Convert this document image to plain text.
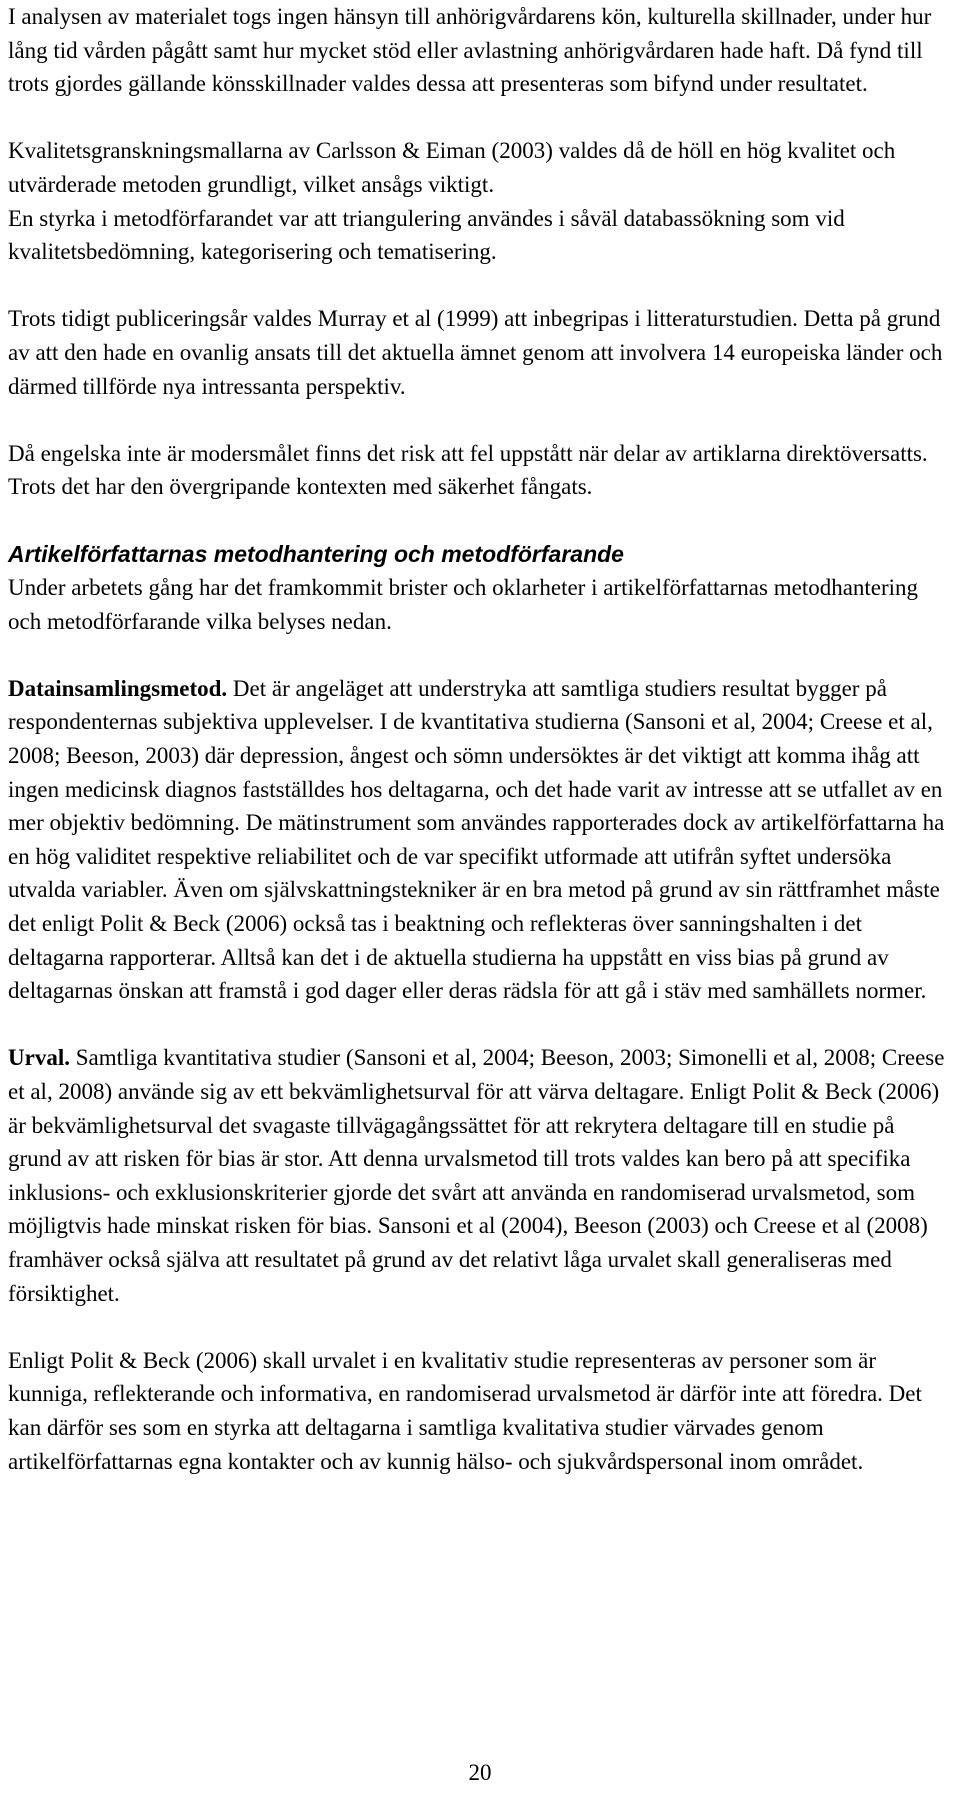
I analysen av materialet togs ingen hänsyn till anhörigvårdarens kön, kulturella skillnader, under hur lång tid vården pågått samt hur mycket stöd eller avlastning anhörigvårdaren hade haft. Då fynd till trots gjordes gällande könsskillnader valdes dessa att presenteras som bifynd under resultatet.

Kvalitetsgranskningsmallarna av Carlsson & Eiman (2003) valdes då de höll en hög kvalitet och utvärderade metoden grundligt, vilket ansågs viktigt.

En styrka i metodförfarandet var att triangulering användes i såväl databassökning som vid kvalitetsbedömning, kategorisering och tematisering.

Trots tidigt publiceringsår valdes Murray et al (1999) att inbegripas i litteraturstudien. Detta på grund av att den hade en ovanlig ansats till det aktuella ämnet genom att involvera 14 europeiska länder och därmed tillförde nya intressanta perspektiv.

Då engelska inte är modersmålet finns det risk att fel uppstått när delar av artiklarna direktöversatts. Trots det har den övergripande kontexten med säkerhet fångats.

Artikelförfattarnas metodhantering och metodförfarande

Under arbetets gång har det framkommit brister och oklarheter i artikelförfattarnas metodhantering och metodförfarande vilka belyses nedan.

Datainsamlingsmetod. Det är angeläget att understryka att samtliga studiers resultat bygger på respondenternas subjektiva upplevelser. I de kvantitativa studierna (Sansoni et al, 2004; Creese et al, 2008; Beeson, 2003) där depression, ångest och sömn undersöktes är det viktigt att komma ihåg att ingen medicinsk diagnos fastställdes hos deltagarna, och det hade varit av intresse att se utfallet av en mer objektiv bedömning. De mätinstrument som användes rapporterades dock av artikelförfattarna ha en hög validitet respektive reliabilitet och de var specifikt utformade att utifrån syftet undersöka utvalda variabler. Även om självskattningstekniker är en bra metod på grund av sin rättframhet måste det enligt Polit & Beck (2006) också tas i beaktning och reflekteras över sanningshalten i det deltagarna rapporterar. Alltså kan det i de aktuella studierna ha uppstått en viss bias på grund av deltagarnas önskan att framstå i god dager eller deras rädsla för att gå i stäv med samhällets normer.

Urval. Samtliga kvantitativa studier (Sansoni et al, 2004; Beeson, 2003; Simonelli et al, 2008; Creese et al, 2008) använde sig av ett bekvämlighetsurval för att värva deltagare. Enligt Polit & Beck (2006) är bekvämlighetsurval det svagaste tillvägagångssättet för att rekrytera deltagare till en studie på grund av att risken för bias är stor. Att denna urvalsmetod till trots valdes kan bero på att specifika inklusions- och exklusionskriterier gjorde det svårt att använda en randomiserad urvalsmetod, som möjligtvis hade minskat risken för bias. Sansoni et al (2004), Beeson (2003) och Creese et al (2008) framhäver också själva att resultatet på grund av det relativt låga urvalet skall generaliseras med försiktighet.

Enligt Polit & Beck (2006) skall urvalet i en kvalitativ studie representeras av personer som är kunniga, reflekterande och informativa, en randomiserad urvalsmetod är därför inte att föredra. Det kan därför ses som en styrka att deltagarna i samtliga kvalitativa studier värvades genom artikelförfattarnas egna kontakter och av kunnig hälso- och sjukvårdspersonal inom området.

20
